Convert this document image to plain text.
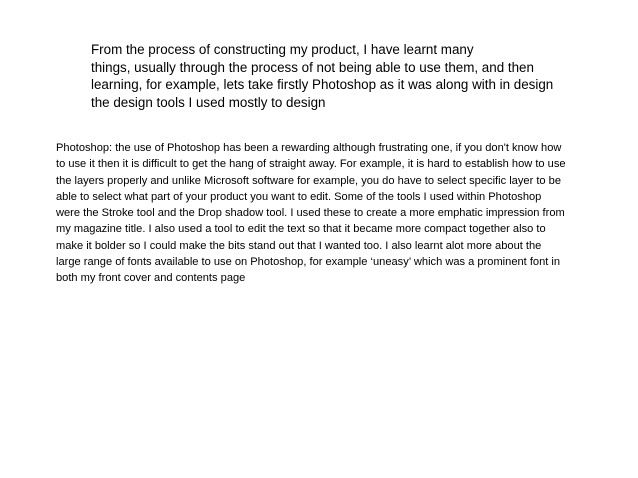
From the process of constructing my product, I have learnt many
things, usually through the process of not being able to use them, and then
learning, for example, lets take firstly Photoshop as it was along with in design
the design tools I used mostly to design
Photoshop: the use of Photoshop has been a rewarding although frustrating one, if you don't know how
to use it then it is difficult to get the hang of straight away. For example, it is hard to establish how to use
the layers properly and unlike Microsoft software for example, you do have to select specific layer to be
able to select what part of your product you want to edit. Some of the tools I used within Photoshop
were the Stroke tool and the Drop shadow tool. I used these to create a more emphatic impression from
my magazine title. I also used a tool to edit the text so that it became more compact together also to
make it bolder so I could make the bits stand out that I wanted too. I also learnt alot more about the
large range of fonts available to use on Photoshop, for example ‘uneasy’ which was a prominent font in
both my front cover and contents page
